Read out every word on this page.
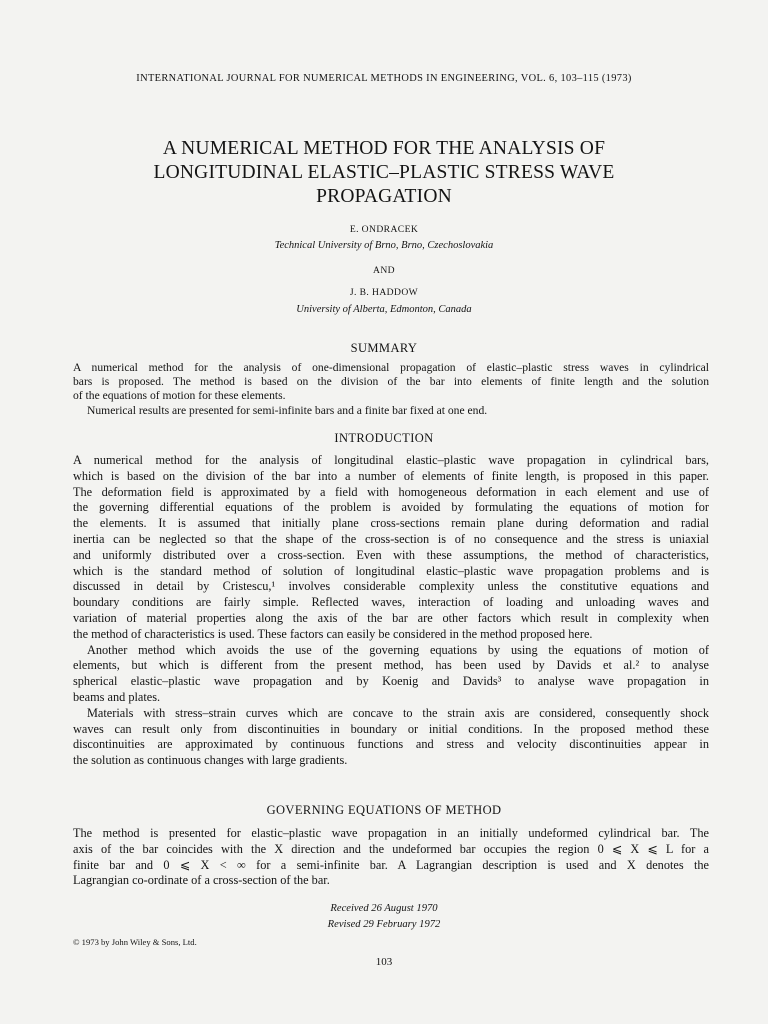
INTERNATIONAL JOURNAL FOR NUMERICAL METHODS IN ENGINEERING, VOL. 6, 103–115 (1973)
A NUMERICAL METHOD FOR THE ANALYSIS OF
LONGITUDINAL ELASTIC–PLASTIC STRESS WAVE
PROPAGATION
E. ONDRACEK
Technical University of Brno, Brno, Czechoslovakia
AND
J. B. HADDOW
University of Alberta, Edmonton, Canada
SUMMARY
A numerical method for the analysis of one-dimensional propagation of elastic–plastic stress waves in cylindrical
bars is proposed. The method is based on the division of the bar into elements of finite length and the solution
of the equations of motion for these elements.
Numerical results are presented for semi-infinite bars and a finite bar fixed at one end.
INTRODUCTION
A numerical method for the analysis of longitudinal elastic–plastic wave propagation in cylindrical bars,
which is based on the division of the bar into a number of elements of finite length, is proposed in this paper.
The deformation field is approximated by a field with homogeneous deformation in each element and use of
the governing differential equations of the problem is avoided by formulating the equations of motion for
the elements. It is assumed that initially plane cross-sections remain plane during deformation and radial
inertia can be neglected so that the shape of the cross-section is of no consequence and the stress is uniaxial
and uniformly distributed over a cross-section. Even with these assumptions, the method of characteristics,
which is the standard method of solution of longitudinal elastic–plastic wave propagation problems and is
discussed in detail by Cristescu,¹ involves considerable complexity unless the constitutive equations and
boundary conditions are fairly simple. Reflected waves, interaction of loading and unloading waves and
variation of material properties along the axis of the bar are other factors which result in complexity when
the method of characteristics is used. These factors can easily be considered in the method proposed here.
Another method which avoids the use of the governing equations by using the equations of motion of
elements, but which is different from the present method, has been used by Davids et al.² to analyse
spherical elastic–plastic wave propagation and by Koenig and Davids³ to analyse wave propagation in
beams and plates.
Materials with stress–strain curves which are concave to the strain axis are considered, consequently shock
waves can result only from discontinuities in boundary or initial conditions. In the proposed method these
discontinuities are approximated by continuous functions and stress and velocity discontinuities appear in
the solution as continuous changes with large gradients.
GOVERNING EQUATIONS OF METHOD
The method is presented for elastic–plastic wave propagation in an initially undeformed cylindrical bar. The
axis of the bar coincides with the X direction and the undeformed bar occupies the region 0 ⩽ X ⩽ L for a
finite bar and 0 ⩽ X < ∞ for a semi-infinite bar. A Lagrangian description is used and X denotes the
Lagrangian co-ordinate of a cross-section of the bar.
Received 26 August 1970
Revised 29 February 1972
© 1973 by John Wiley & Sons, Ltd.
103
